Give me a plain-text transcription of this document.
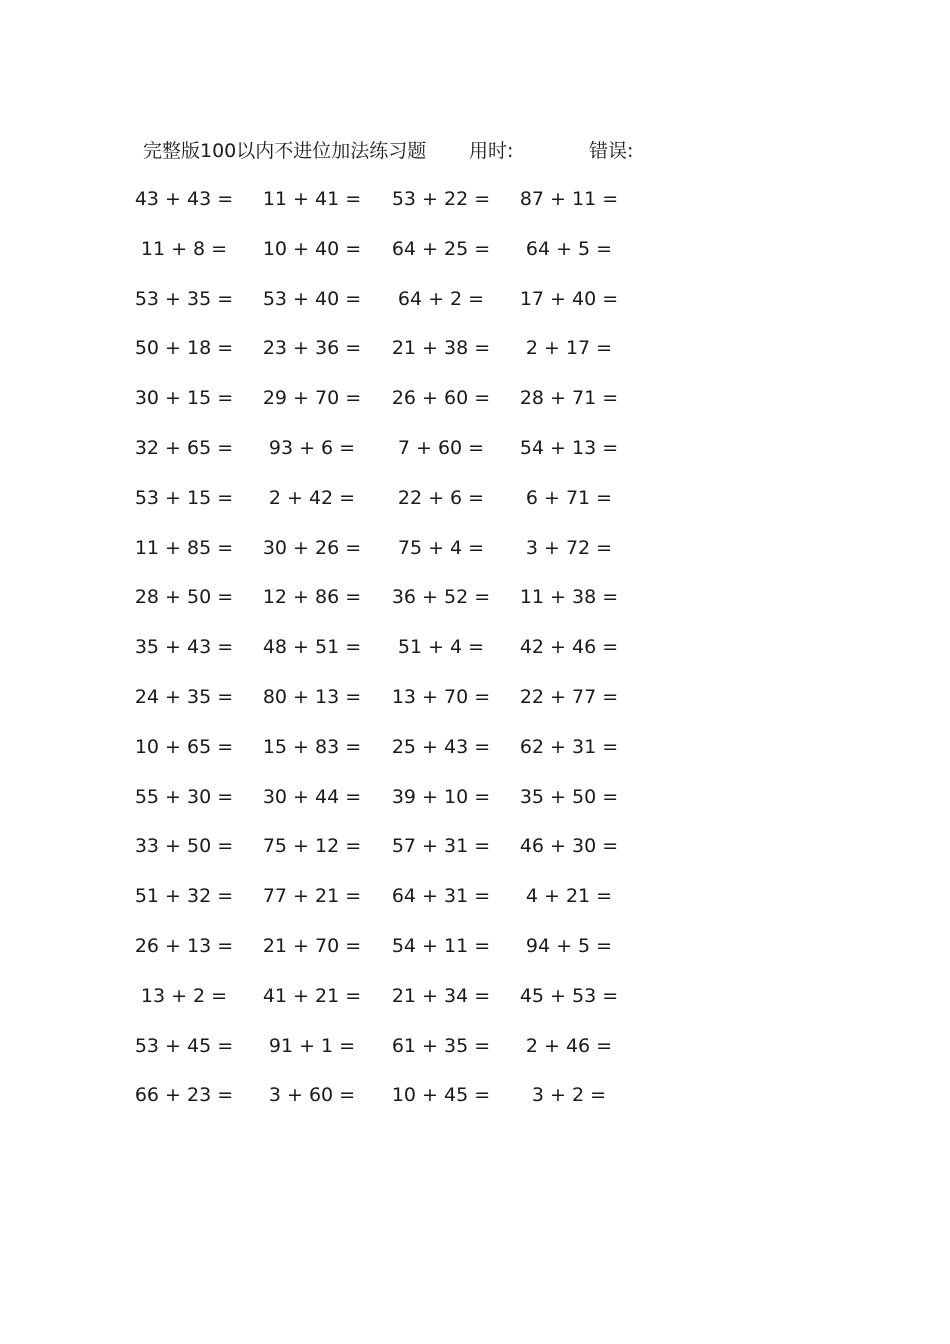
完整版100以内不进位加法练习题 用时:	错误:
43 + 43 = 11 + 41 = 53 + 22 = 87 + 11 =
11 + 8 =	10 + 40 = 64 + 25 =	64 + 5 =
53 + 35 = 53 + 40 =	64 + 2 =	17 + 40 =
50 + 18 = 23 + 36 = 21 + 38 =	2 + 17 =
30 + 15 = 29 + 70 = 26 + 60 = 28 + 71 =
32 + 65 =	93 + 6 =	7 + 60 =	54 + 13 =
53 + 15 =	2 + 42 =	22 + 6 =	6 + 71 =
11 + 85 = 30 + 26 =	75 + 4 =	3 + 72 =
28 + 50 = 12 + 86 = 36 + 52 = 11 + 38 =
35 + 43 = 48 + 51 =	51 + 4 =	42 + 46 =
24 + 35 = 80 + 13 = 13 + 70 = 22 + 77 =
10 + 65 = 15 + 83 = 25 + 43 = 62 + 31 =
55 + 30 = 30 + 44 = 39 + 10 = 35 + 50 =
33 + 50 = 75 + 12 = 57 + 31 = 46 + 30 =
51 + 32 = 77 + 21 = 64 + 31 =	4 + 21 =
26 + 13 = 21 + 70 = 54 + 11 =	94 + 5 =
13 + 2 =	41 + 21 = 21 + 34 = 45 + 53 =
53 + 45 =	91 + 1 =	61 + 35 =	2 + 46 =
66 + 23 =	3 + 60 =	10 + 45 =	3 + 2 =
